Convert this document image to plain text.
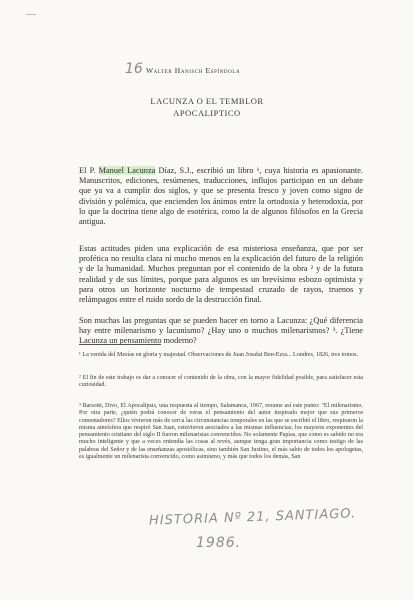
16 Walter Hanisch Espíndola
LACUNZA O EL TEMBLOR
APOCALIPTICO

El P. Manuel Lacunza Díaz, S.J., escribió un libro ¹, cuya historia es apasionante. Manuscritos, ediciones, resúmenes, traducciones, influjos participan en un debate que ya va a cumplir dos siglos, y que se presenta fresco y joven como signo de división y polémica, que encienden los ánimos entre la ortodoxia y heterodoxia, por lo que la doctrina tiene algo de esotérica, como la de algunos filósofos en la Grecia antigua.

Estas actitudes piden una explicación de esa misteriosa enseñanza, que por ser profética no resulta clara ni mucho menos en la explicación del futuro de la religión y de la humanidad. Muchos preguntan por el contenido de la obra ² y de la futura realidad y de sus límites, porque para algunos es un brevísimo esbozo optimista y para otros un horizonte nocturno de tempestad cruzado de rayos, truenos y relámpagos entre el ruido sordo de la destrucción final.

Son muchas las preguntas que se pueden hacer en torno a Lacunza: ¿Qué diferencia hay entre milenarismo y lacunismo? ¿Hay uno o muchos milenarismos? ³. ¿Tiene Lacunza un pensamiento moderno?

¹ La venida del Mesías en gloria y majestad. Observaciones de Juan Josafat Ben-Ezra... Londres, 1826, tres tomos.

² El fin de este trabajo es dar a conocer el contenido de la obra, con la mayor fidelidad posible, para satisfacer esta curiosidad.

³ Barsotti, Divo, El Apocalipsis, una respuesta al tiempo, Salamanca, 1967, resume así este punto: "El milenarismo. Por otra parte, ¿quién podrá conocer de veras el pensamiento del autor inspirado mejor que sus primeros comentadores? Ellos vivieron más de cerca las circunstancias temporales en las que se escribió el libro, respiraron la misma atmósfera que respiró San Juan, estuvieron asociados a las mismas influencias; los mayores exponentes del pensamiento cristiano del siglo II fueron milenaristas convencidos. No solamente Papías, que como es sabido no era mucho inteligente y que a veces entendía las cosas al revés, aunque tenga gran importancia como testigo de las palabras del Señor y de las enseñanzas apostólicas, sino también San Justino, el más sabio de todos los apologetas, es igualmente un milenarista convencido, como asimismo, y más que todos los demás, San

HISTORIA Nº 21, SANTIAGO.
1986.
